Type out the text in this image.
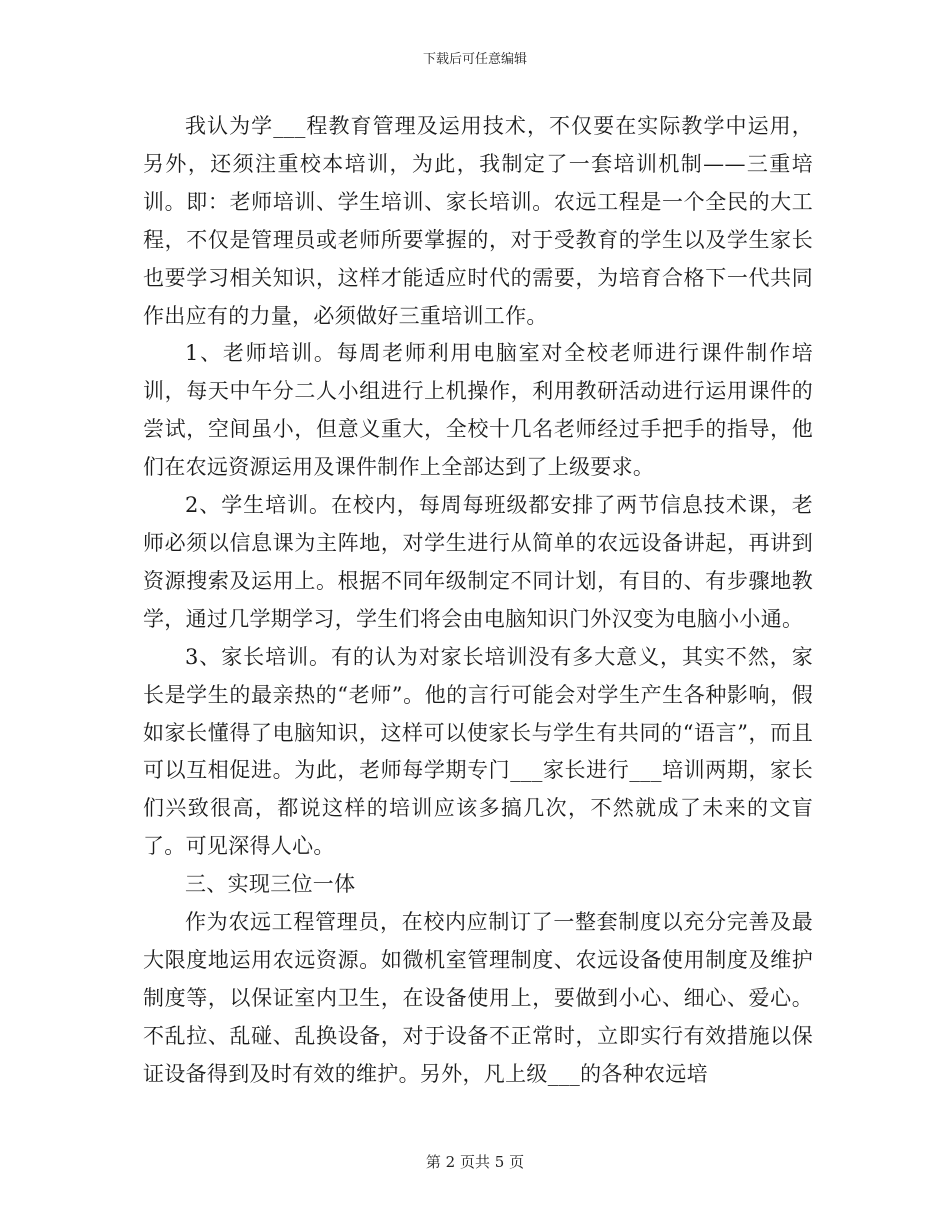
下载后可任意编辑

我认为学___程教育管理及运用技术，不仅要在实际教学中运用，另外，还须注重校本培训，为此，我制定了一套培训机制——三重培训。即：老师培训、学生培训、家长培训。农远工程是一个全民的大工程，不仅是管理员或老师所要掌握的，对于受教育的学生以及学生家长也要学习相关知识，这样才能适应时代的需要，为培育合格下一代共同作出应有的力量，必须做好三重培训工作。

1、老师培训。每周老师利用电脑室对全校老师进行课件制作培训，每天中午分二人小组进行上机操作，利用教研活动进行运用课件的尝试，空间虽小，但意义重大，全校十几名老师经过手把手的指导，他们在农远资源运用及课件制作上全部达到了上级要求。

2、学生培训。在校内，每周每班级都安排了两节信息技术课，老师必须以信息课为主阵地，对学生进行从简单的农远设备讲起，再讲到资源搜索及运用上。根据不同年级制定不同计划，有目的、有步骤地教学，通过几学期学习，学生们将会由电脑知识门外汉变为电脑小小通。

3、家长培训。有的认为对家长培训没有多大意义，其实不然，家长是学生的最亲热的“老师”。他的言行可能会对学生产生各种影响，假如家长懂得了电脑知识，这样可以使家长与学生有共同的“语言”，而且可以互相促进。为此，老师每学期专门___家长进行___培训两期，家长们兴致很高，都说这样的培训应该多搞几次，不然就成了未来的文盲了。可见深得人心。

三、实现三位一体

作为农远工程管理员，在校内应制订了一整套制度以充分完善及最大限度地运用农远资源。如微机室管理制度、农远设备使用制度及维护制度等，以保证室内卫生，在设备使用上，要做到小心、细心、爱心。不乱拉、乱碰、乱换设备，对于设备不正常时，立即实行有效措施以保证设备得到及时有效的维护。另外，凡上级___的各种农远培

第 2 页共 5 页
